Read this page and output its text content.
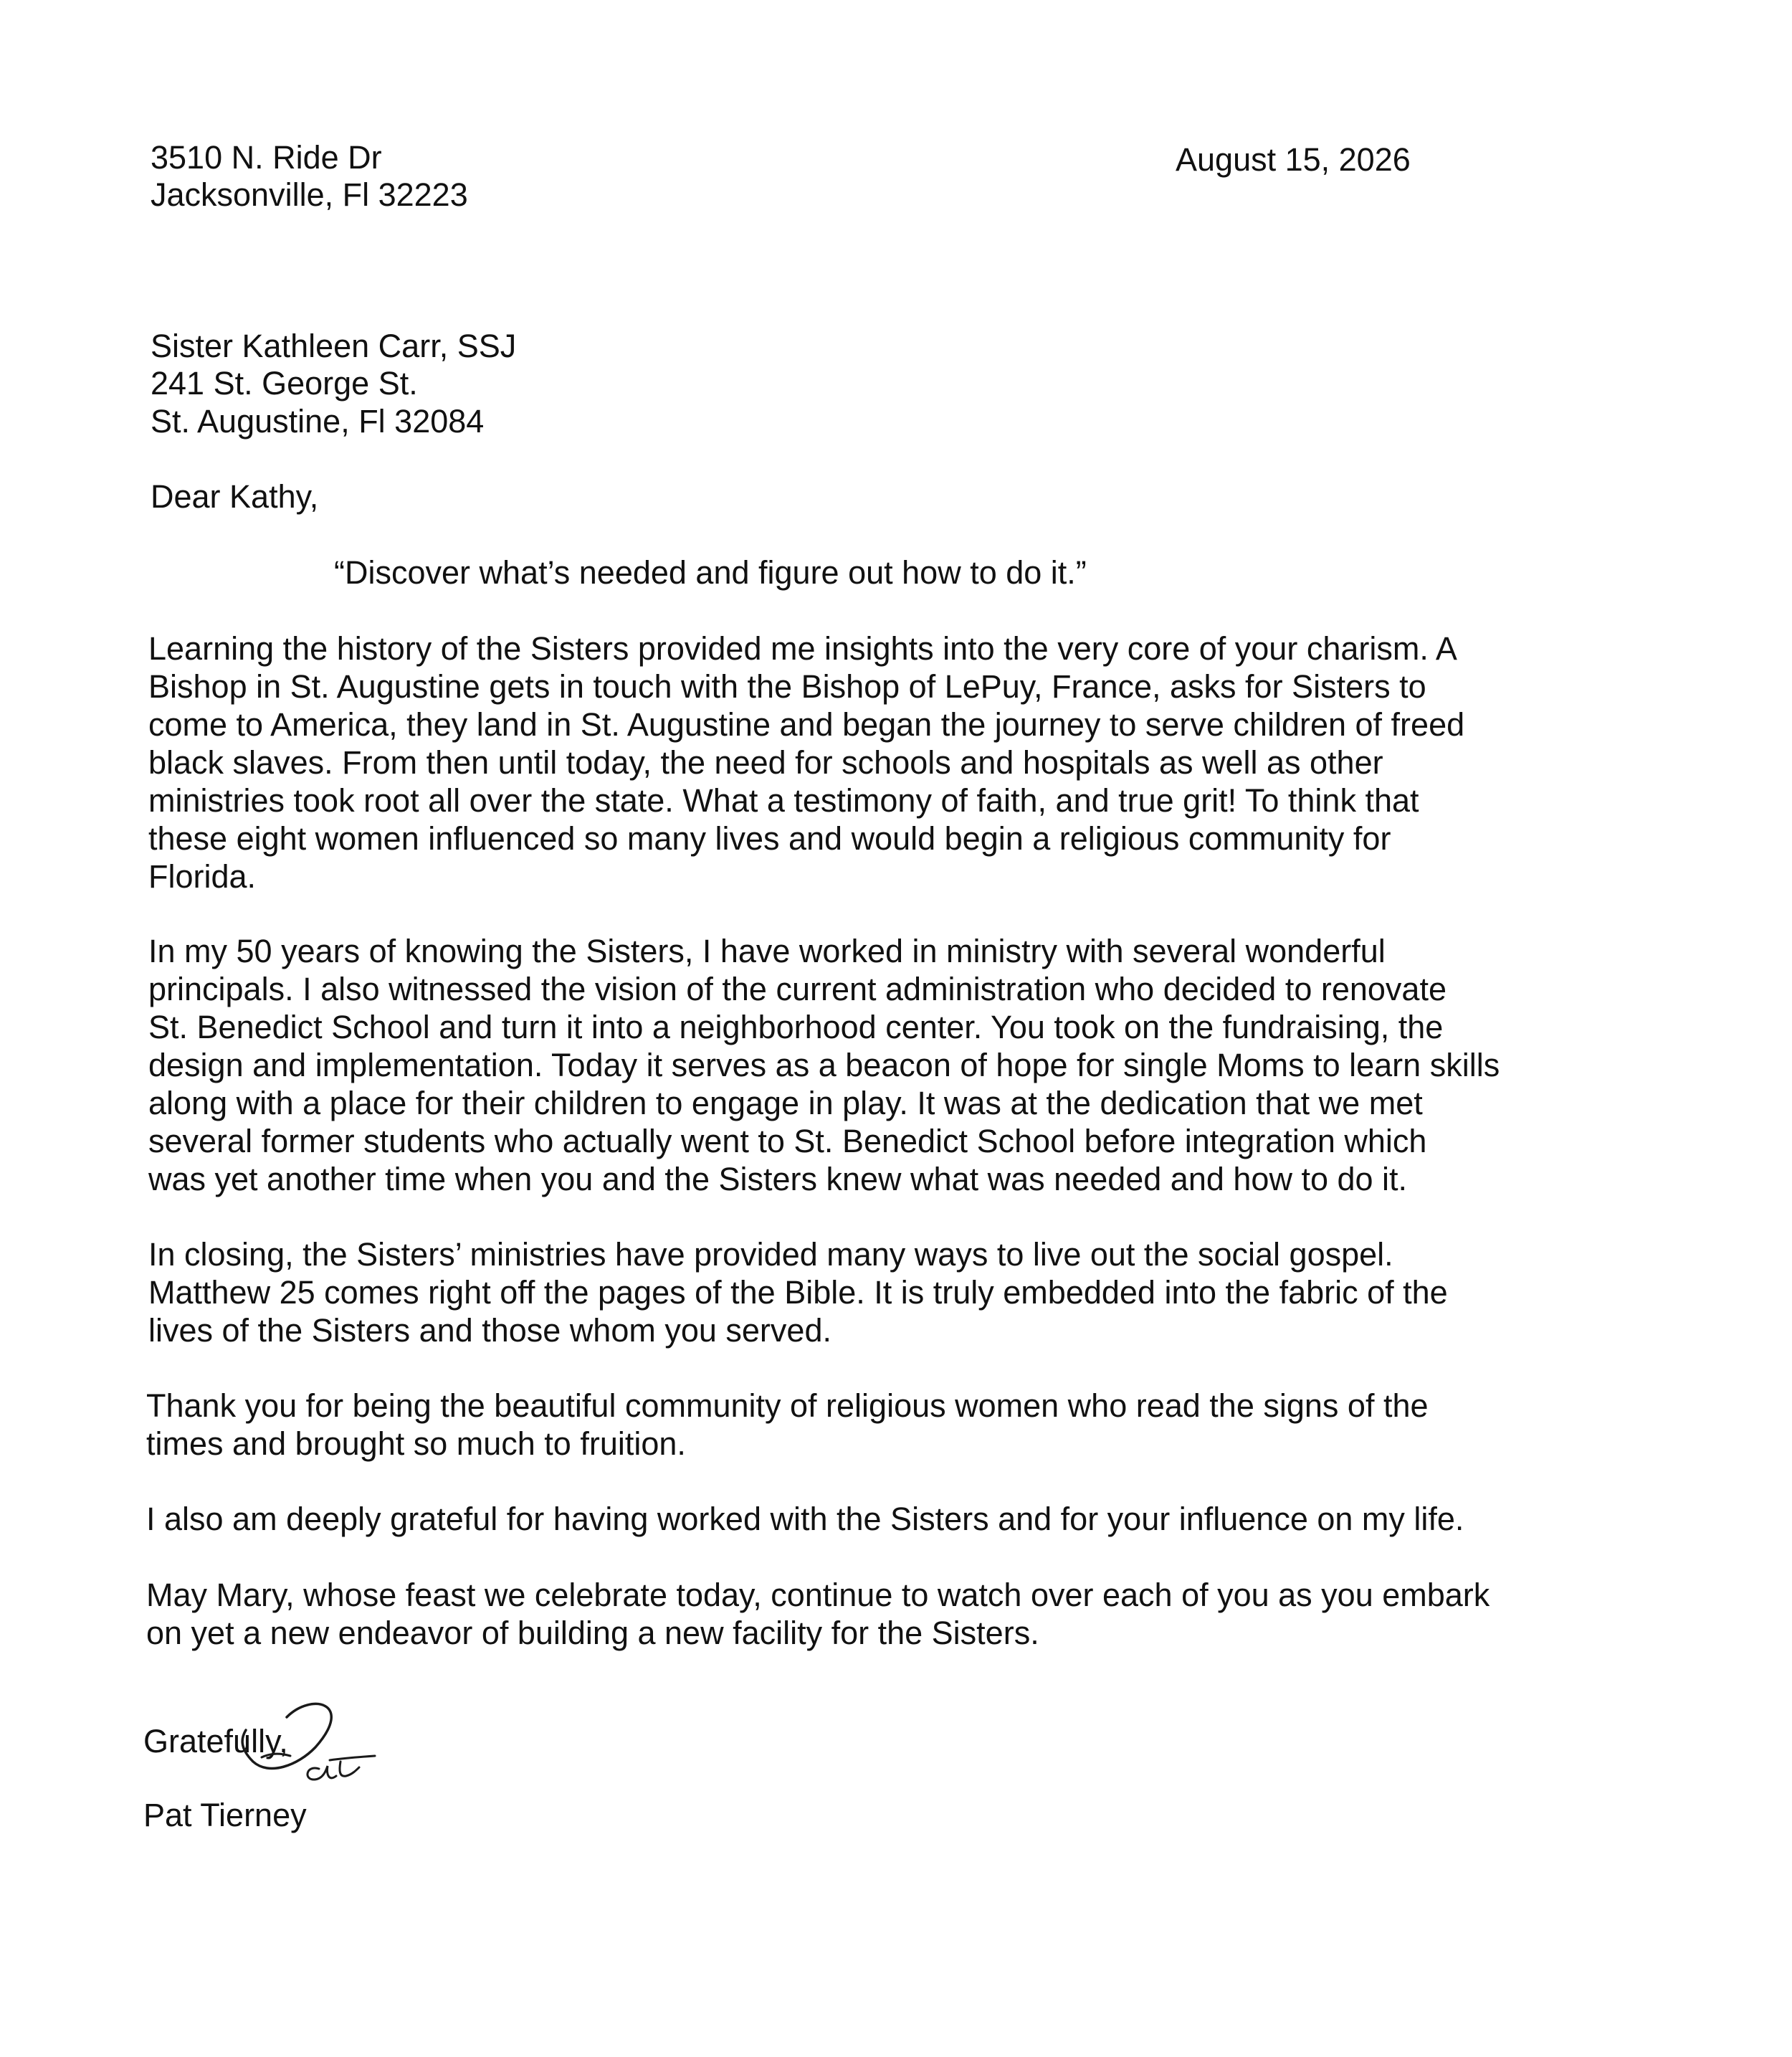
3510 N. Ride Dr
Jacksonville, Fl 32223
August 15, 2026
Sister Kathleen Carr, SSJ
241 St. George St.
St. Augustine, Fl 32084
Dear Kathy,
“Discover what’s needed and figure out how to do it.”
Learning the history of the Sisters provided me insights into the very core of your charism. A
Bishop in St. Augustine gets in touch with the Bishop of LePuy, France, asks for Sisters to
come to America, they land in St. Augustine and began the journey to serve children of freed
black slaves. From then until today, the need for schools and hospitals as well as other
ministries took root all over the state. What a testimony of faith, and true grit! To think that
these eight women influenced so many lives and would begin a religious community for
Florida.
In my 50 years of knowing the Sisters, I have worked in ministry with several wonderful
principals. I also witnessed the vision of the current administration who decided to renovate
St. Benedict School and turn it into a neighborhood center. You took on the fundraising, the
design and implementation. Today it serves as a beacon of hope for single Moms to learn skills
along with a place for their children to engage in play. It was at the dedication that we met
several former students who actually went to St. Benedict School before integration which
was yet another time when you and the Sisters knew what was needed and how to do it.
In closing, the Sisters’ ministries have provided many ways to live out the social gospel.
Matthew 25 comes right off the pages of the Bible. It is truly embedded into the fabric of the
lives of the Sisters and those whom you served.
Thank you for being the beautiful community of religious women who read the signs of the
times and brought so much to fruition.
I also am deeply grateful for having worked with the Sisters and for your influence on my life.
May Mary, whose feast we celebrate today, continue to watch over each of you as you embark
on yet a new endeavor of building a new facility for the Sisters.
Gratefully,
Pat Tierney
